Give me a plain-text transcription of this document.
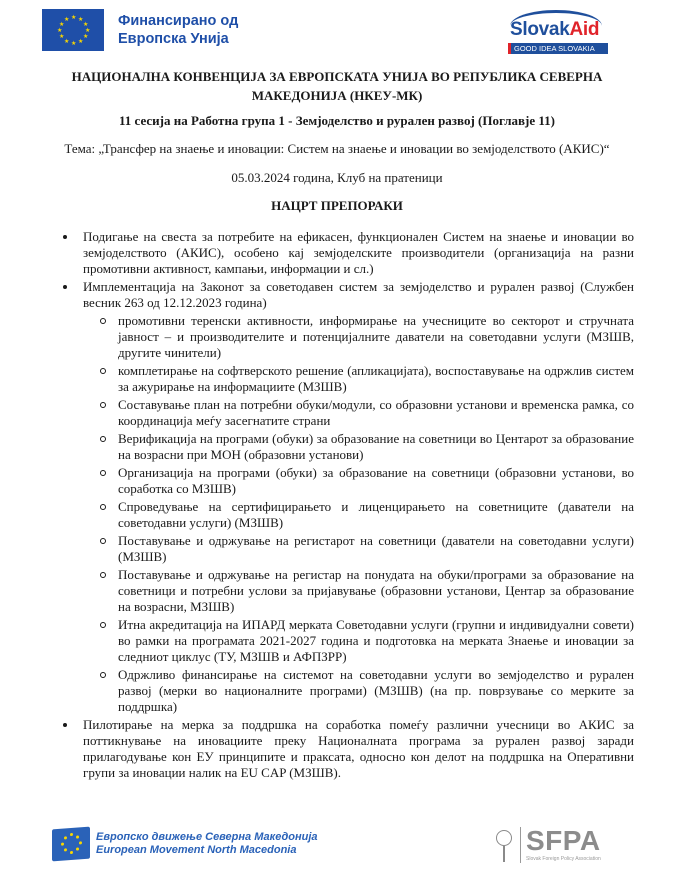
★ ★
★
★
★
★
★
★
★
★
★
★	Финансирано од
Европска Унија	SlovakAid
GOOD IDEA SLOVAKIA
НАЦИОНАЛНА КОНВЕНЦИЈА ЗА ЕВРОПСКАТА УНИЈА ВО РЕПУБЛИКА СЕВЕРНА МАКЕДОНИЈА (НКЕУ-МК)
11 сесија на Работна група 1 - Земјоделство и рурален развој (Поглавје 11)
Тема: „Трансфер на знаење и иновации: Систем на знаење и иновации во земјоделството (АКИС)“
05.03.2024 година, Клуб на пратеници
НАЦРТ ПРЕПОРАКИ
Подигање на свеста за потребите на ефикасен, функционален Систем на знаење и иновации во земјоделството (АКИС), особено кај земјоделските производители (организација на разни промотивни активност, кампањи, информации и сл.)
Имплементација на Законот за советодавен систем за земјоделство и рурален развој (Службен весник 263 од 12.12.2023 година)
промотивни теренски активности, информирање на учесниците во секторот и стручната јавност – и производителите и потенцијалните даватели на советодавни услуги (МЗШВ, другите чинители)
комплетирање на софтверското решение (апликацијата), воспоставување на одржлив систем за ажурирање на информациите (МЗШВ)
Составување план на потребни обуки/модули, со образовни установи и временска рамка, со координација меѓу засегнатите страни
Верификација на програми (обуки) за образование на советници во Центарот за образование на возрасни при МОН (образовни установи)
Организација на програми (обуки) за образование на советници (образовни установи, во соработка со МЗШВ)
Спроведување на сертифицирањето и лиценцирањето на советниците (даватели на советодавни услуги) (МЗШВ)
Поставување и одржување на регистарот на советници (даватели на советодавни услуги) (МЗШВ)
Поставување и одржување на регистар на понудата на обуки/програми за образование на советници и потребни услови за пријавување (образовни установи, Центар за образование на возрасни, МЗШВ)
Итна акредитација на ИПАРД мерката Советодавни услуги (групни и индивидуални совети) во рамки на програмата 2021-2027 година и подготовка на мерката Знаење и иновации за следниот циклус (ТУ, МЗШВ и АФПЗРР)
Одржливо финансирање на системот на советодавни услуги во земјоделство и рурален развој (мерки во националните програми) (МЗШВ) (на пр. поврзување со мерките за поддршка)
Пилотирање на мерка за поддршка на соработка помеѓу различни учесници во АКИС за поттикнување на иновациите преку Националната програма за рурален развој заради прилагодување кон ЕУ принципите и праксата, односно кон делот на поддршка на Оперативни групи за иновации налик на EU CAP (МЗШВ).
Европско движење Северна Македонија
European Movement North Macedonia	SFPA
Slovak Foreign Policy Association
